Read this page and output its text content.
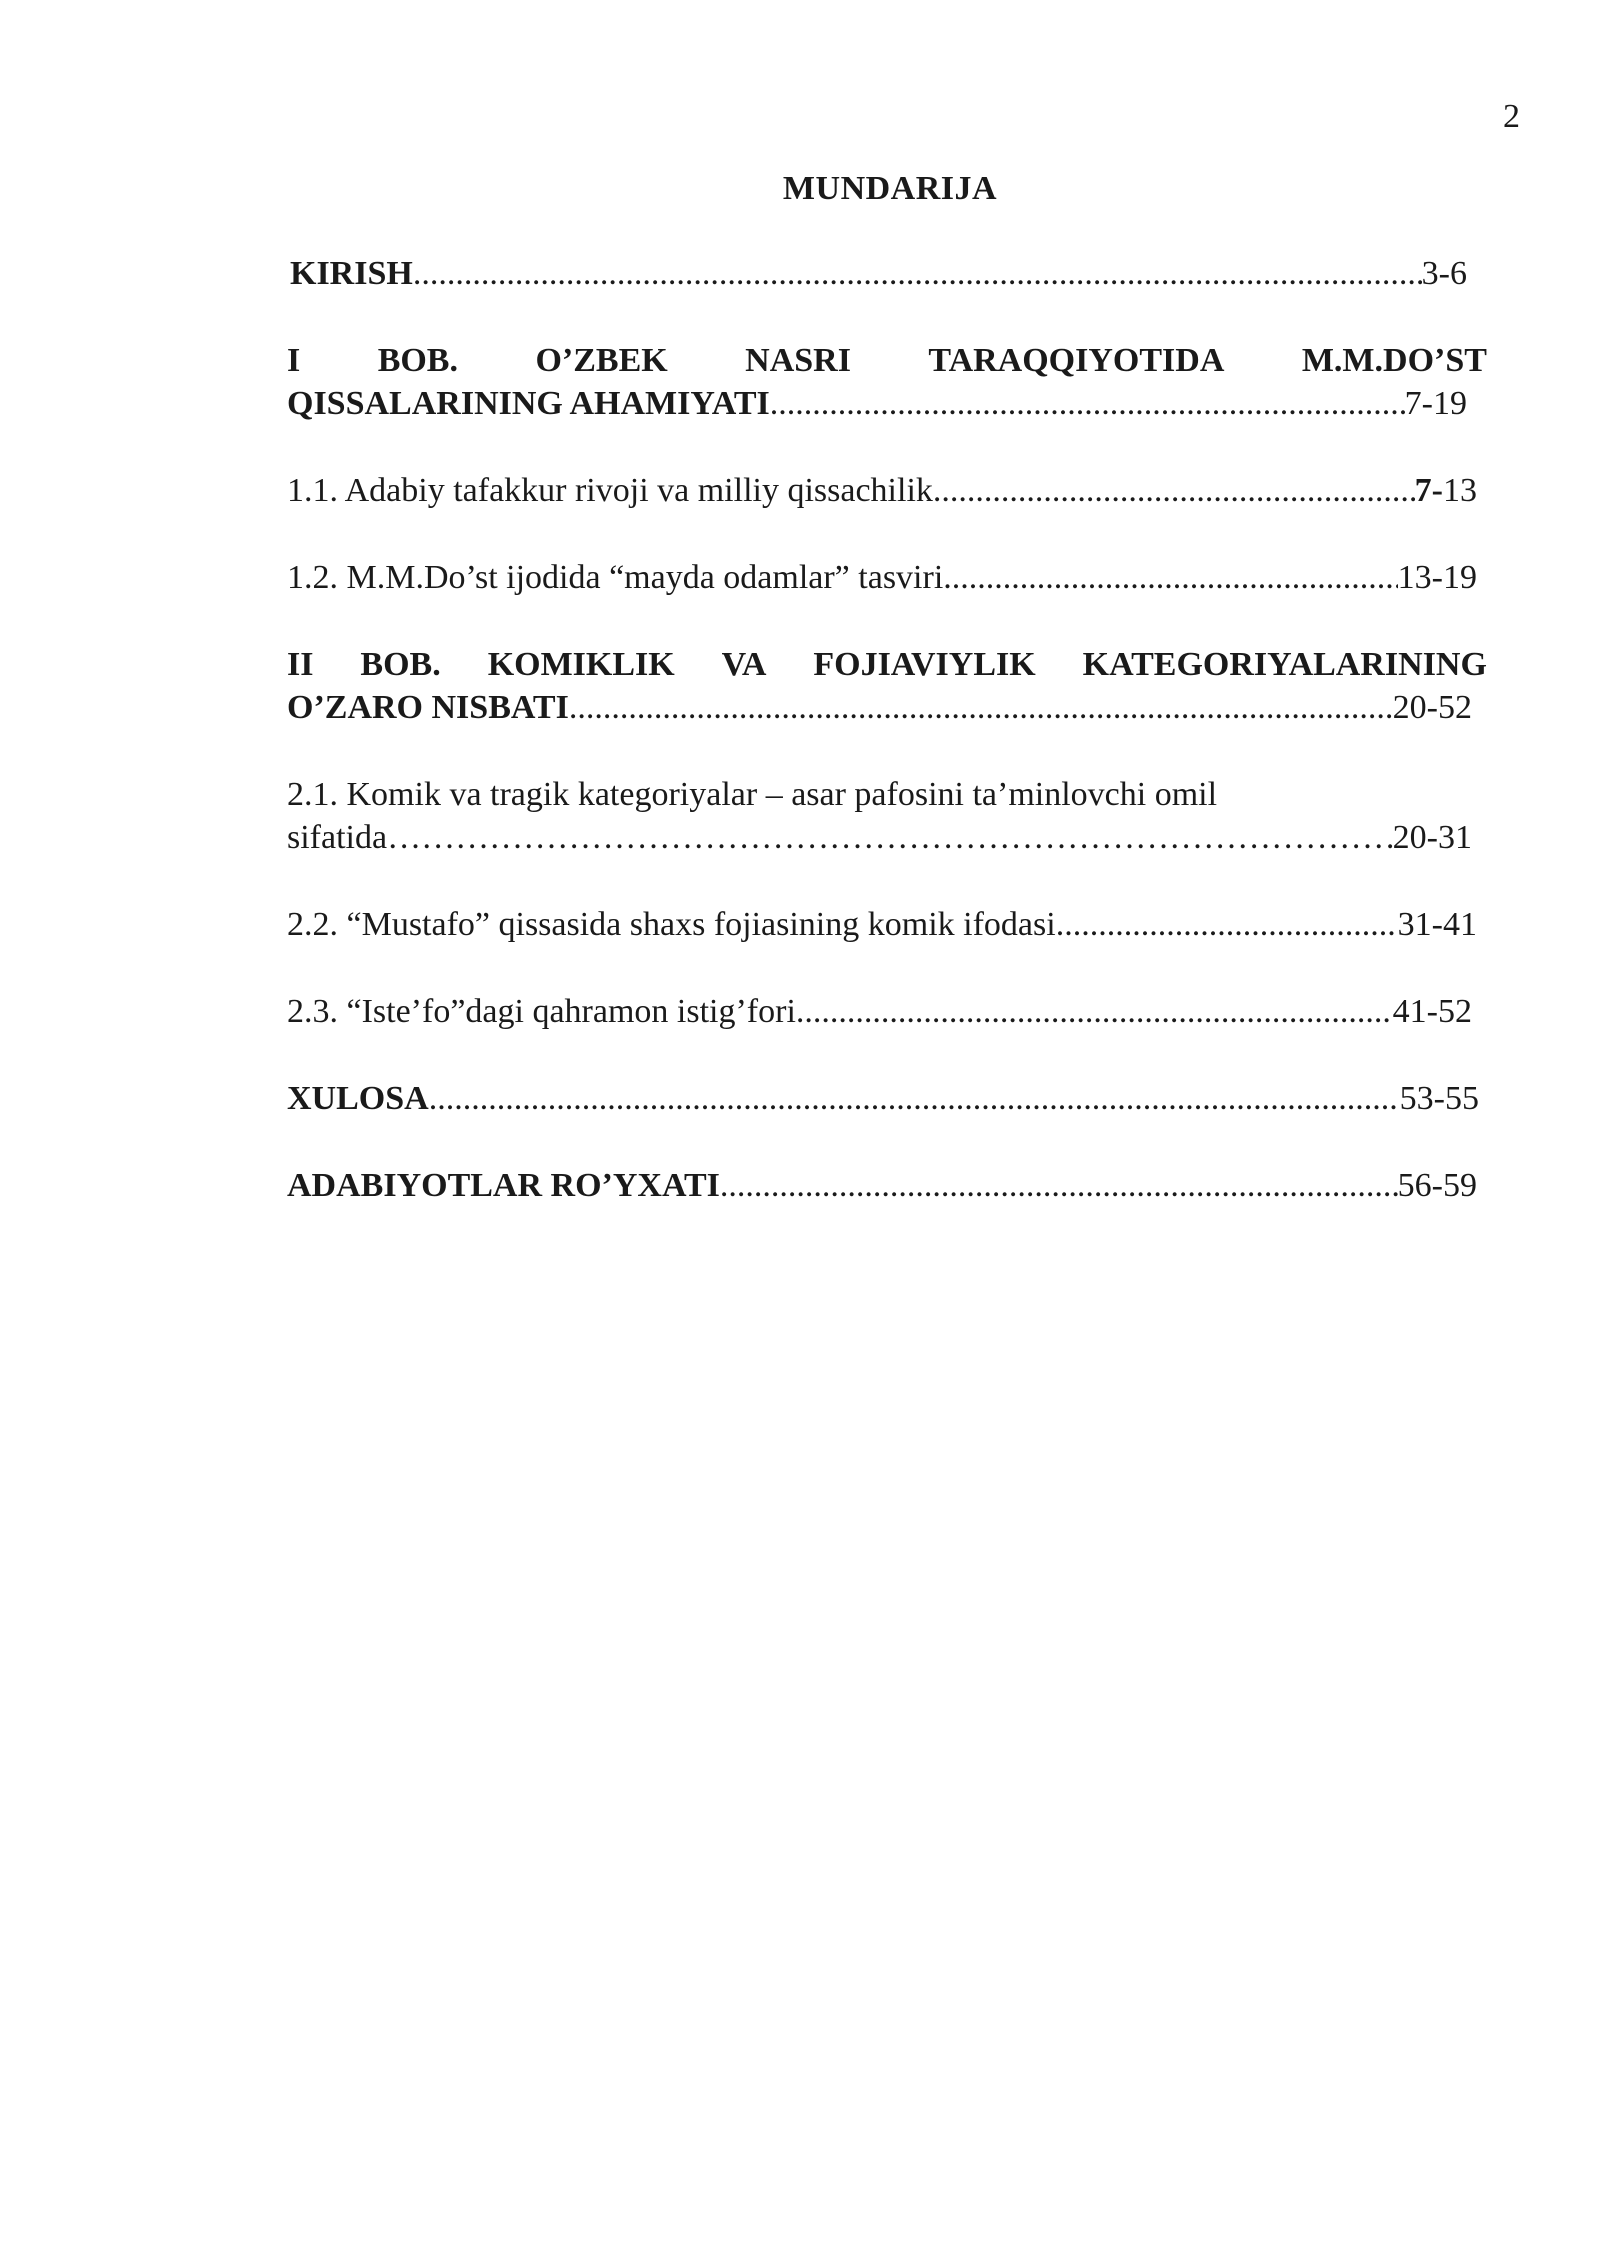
2
MUNDARIJA
KIRISH .....	3-6
I BOB. O’ZBEK NASRI TARAQQIYOTIDA M.M.DO’ST
QISSALARINING AHAMIYATI .....	7-19
1.1. Adabiy tafakkur rivoji va milliy qissachilik .....	7-13
1.2. M.M.Do’st ijodida “mayda odamlar” tasviri .....	13-19
II BOB. KOMIKLIK VA FOJIAVIYLIK KATEGORIYALARINING
O’ZARO NISBATI .....	20-52
2.1. Komik va tragik kategoriyalar – asar pafosini ta’minlovchi omil
sifatida ………………………………………………………………………………………………………………………………………	20-31
2.2. “Mustafo” qissasida shaxs fojiasining komik ifodasi .....	31-41
2.3. “Iste’fo”dagi qahramon istig’fori .....	41-52
XULOSA .....	53-55
ADABIYOTLAR RO’YXATI .....	56-59
